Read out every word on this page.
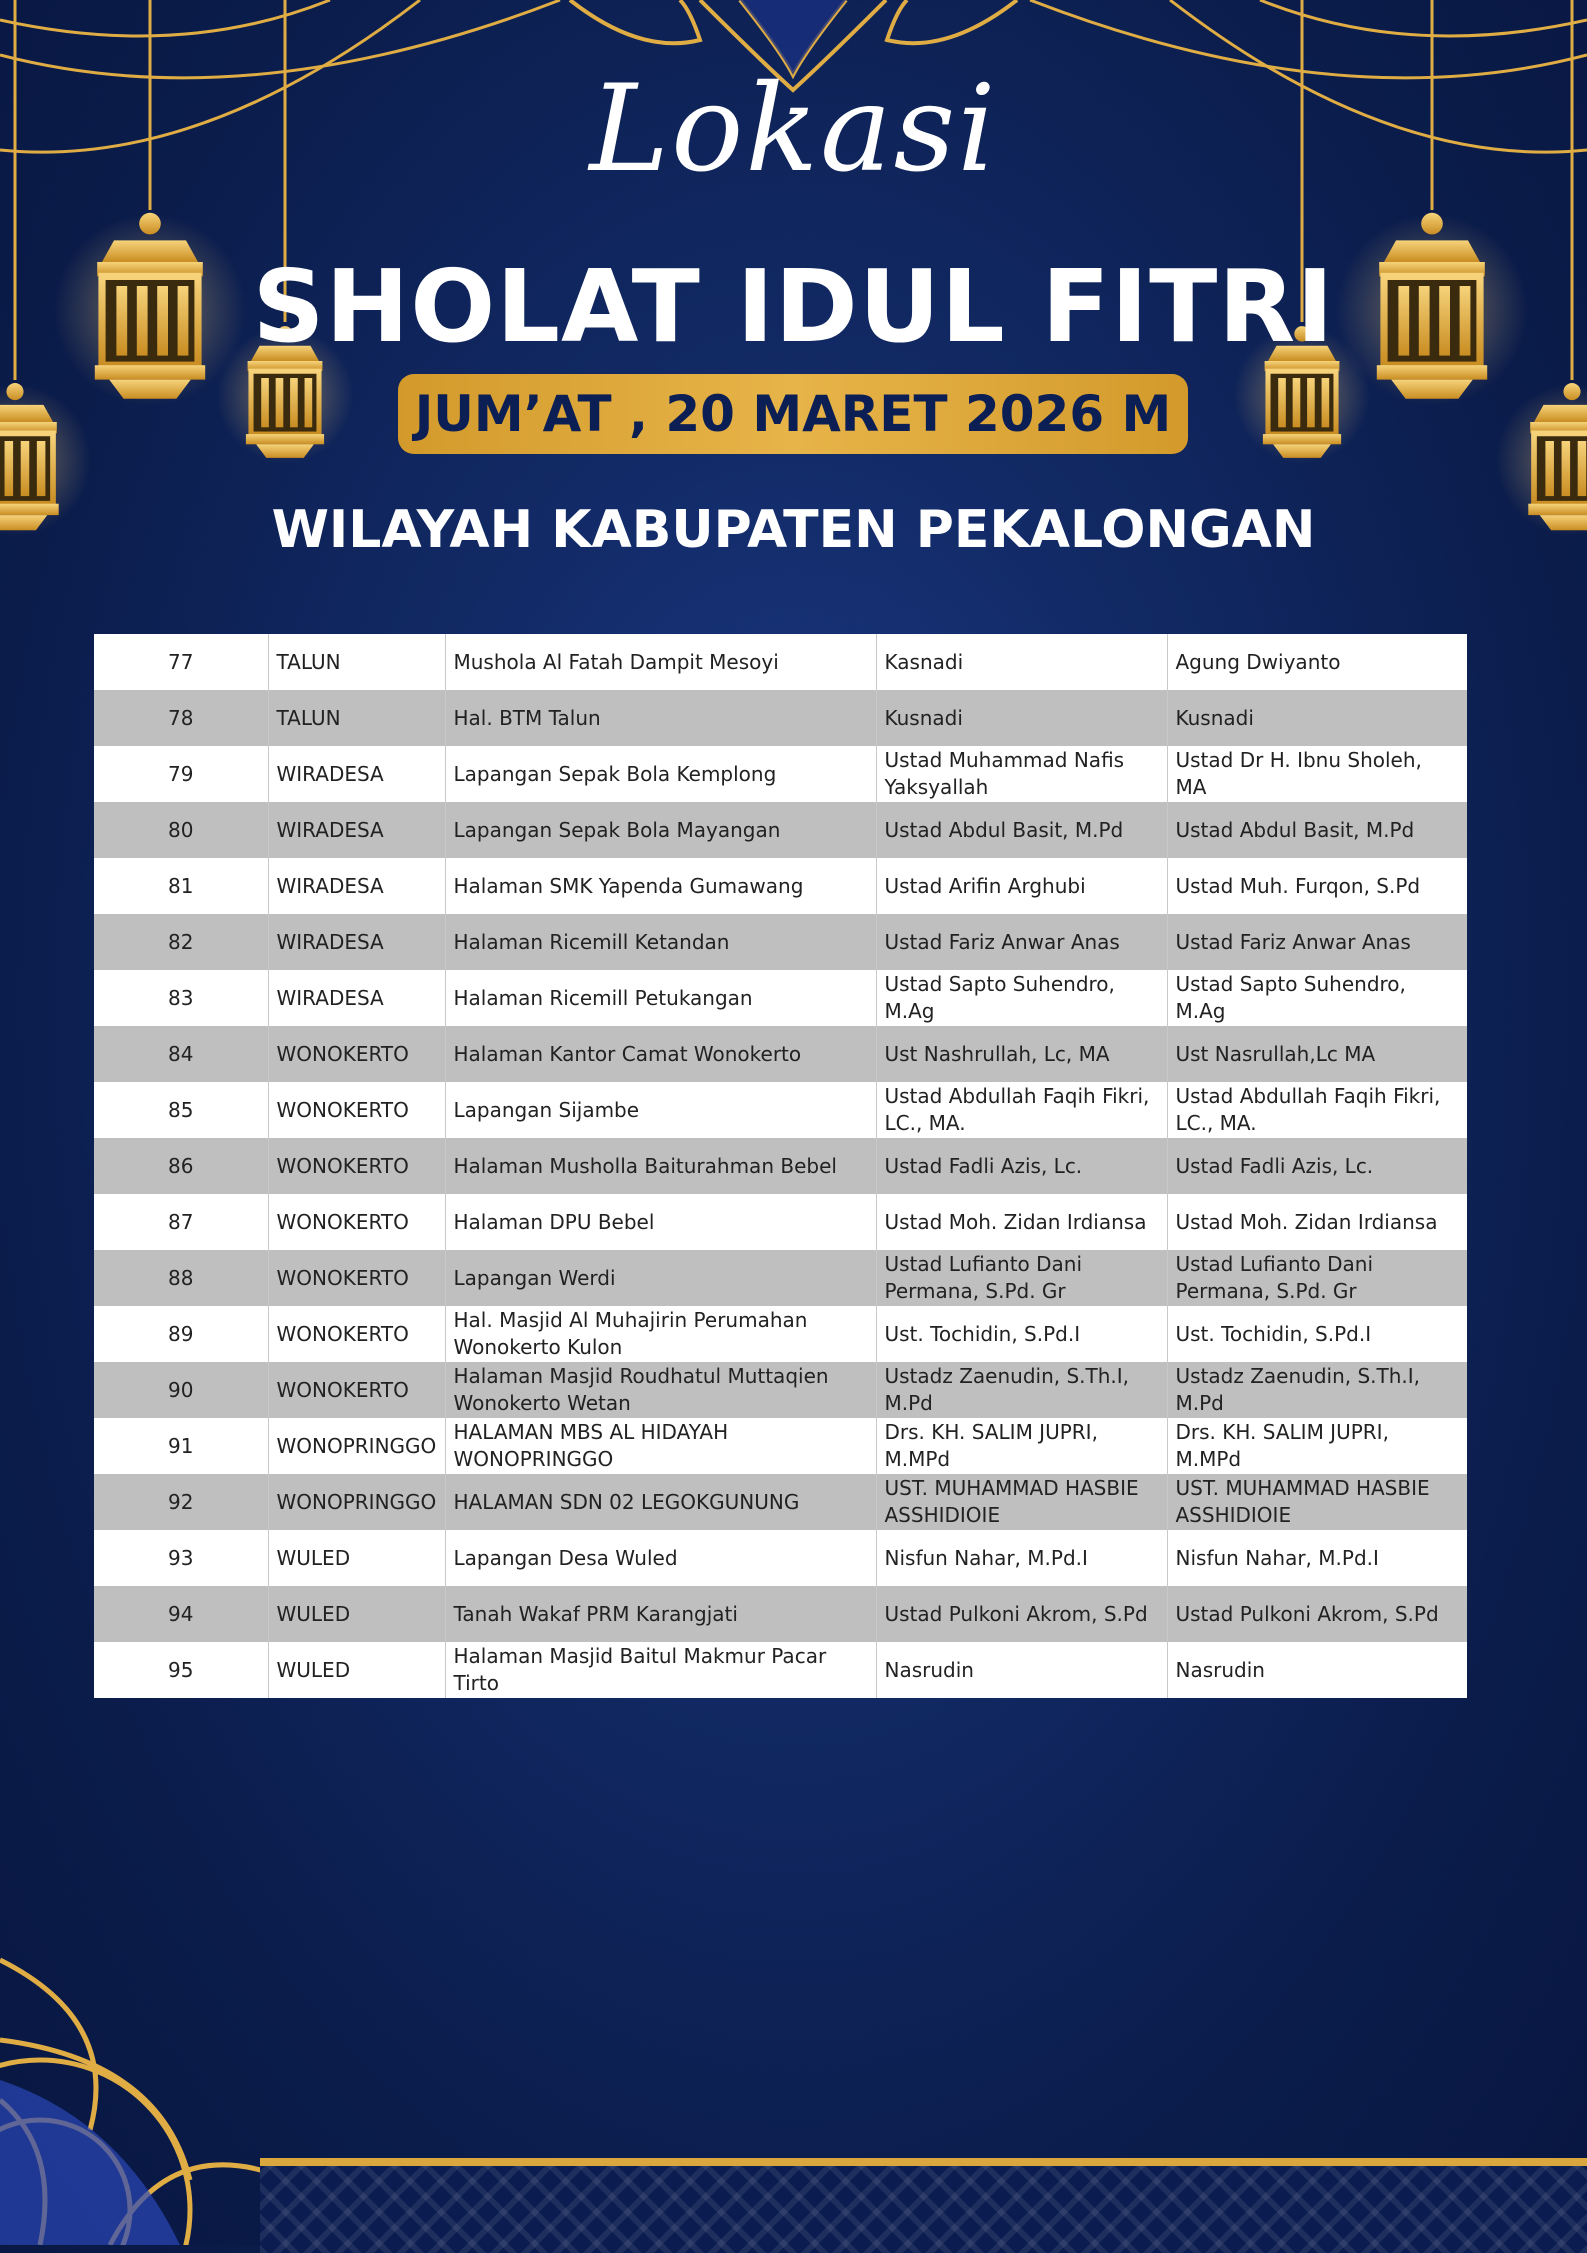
Lokasi
SHOLAT IDUL FITRI
JUM’AT , 20 MARET 2026 M
WILAYAH KABUPATEN PEKALONGAN
77	TALUN	Mushola Al Fatah Dampit Mesoyi	Kasnadi	Agung Dwiyanto
78	TALUN	Hal. BTM Talun	Kusnadi	Kusnadi
79	WIRADESA	Lapangan Sepak Bola Kemplong	Ustad Muhammad Nafis Yaksyallah	Ustad Dr H. Ibnu Sholeh, MA
80	WIRADESA	Lapangan Sepak Bola Mayangan	Ustad Abdul Basit, M.Pd	Ustad Abdul Basit, M.Pd
81	WIRADESA	Halaman SMK Yapenda Gumawang	Ustad Arifin Arghubi	Ustad Muh. Furqon, S.Pd
82	WIRADESA	Halaman Ricemill Ketandan	Ustad Fariz Anwar Anas	Ustad Fariz Anwar Anas
83	WIRADESA	Halaman Ricemill Petukangan	Ustad Sapto Suhendro, M.Ag	Ustad Sapto Suhendro, M.Ag
84	WONOKERTO	Halaman Kantor Camat Wonokerto	Ust Nashrullah, Lc, MA	Ust Nasrullah,Lc MA
85	WONOKERTO	Lapangan Sijambe	Ustad Abdullah Faqih Fikri, LC., MA.	Ustad Abdullah Faqih Fikri, LC., MA.
86	WONOKERTO	Halaman Musholla Baiturahman Bebel	Ustad Fadli Azis, Lc.	Ustad Fadli Azis, Lc.
87	WONOKERTO	Halaman DPU Bebel	Ustad Moh. Zidan Irdiansa	Ustad Moh. Zidan Irdiansa
88	WONOKERTO	Lapangan Werdi	Ustad Lufianto Dani Permana, S.Pd. Gr	Ustad Lufianto Dani Permana, S.Pd. Gr
89	WONOKERTO	Hal. Masjid Al Muhajirin Perumahan Wonokerto Kulon	Ust. Tochidin, S.Pd.I	Ust. Tochidin, S.Pd.I
90	WONOKERTO	Halaman Masjid Roudhatul Muttaqien Wonokerto Wetan	Ustadz Zaenudin, S.Th.I, M.Pd	Ustadz Zaenudin, S.Th.I, M.Pd
91	WONOPRINGGO	HALAMAN MBS AL HIDAYAH WONOPRINGGO	Drs. KH. SALIM JUPRI, M.MPd	Drs. KH. SALIM JUPRI, M.MPd
92	WONOPRINGGO	HALAMAN SDN 02 LEGOKGUNUNG	UST. MUHAMMAD HASBIE ASSHIDIOIE	UST. MUHAMMAD HASBIE ASSHIDIOIE
93	WULED	Lapangan Desa Wuled	Nisfun Nahar, M.Pd.I	Nisfun Nahar, M.Pd.I
94	WULED	Tanah Wakaf PRM Karangjati	Ustad Pulkoni Akrom, S.Pd	Ustad Pulkoni Akrom, S.Pd
95	WULED	Halaman Masjid Baitul Makmur Pacar Tirto	Nasrudin	Nasrudin
